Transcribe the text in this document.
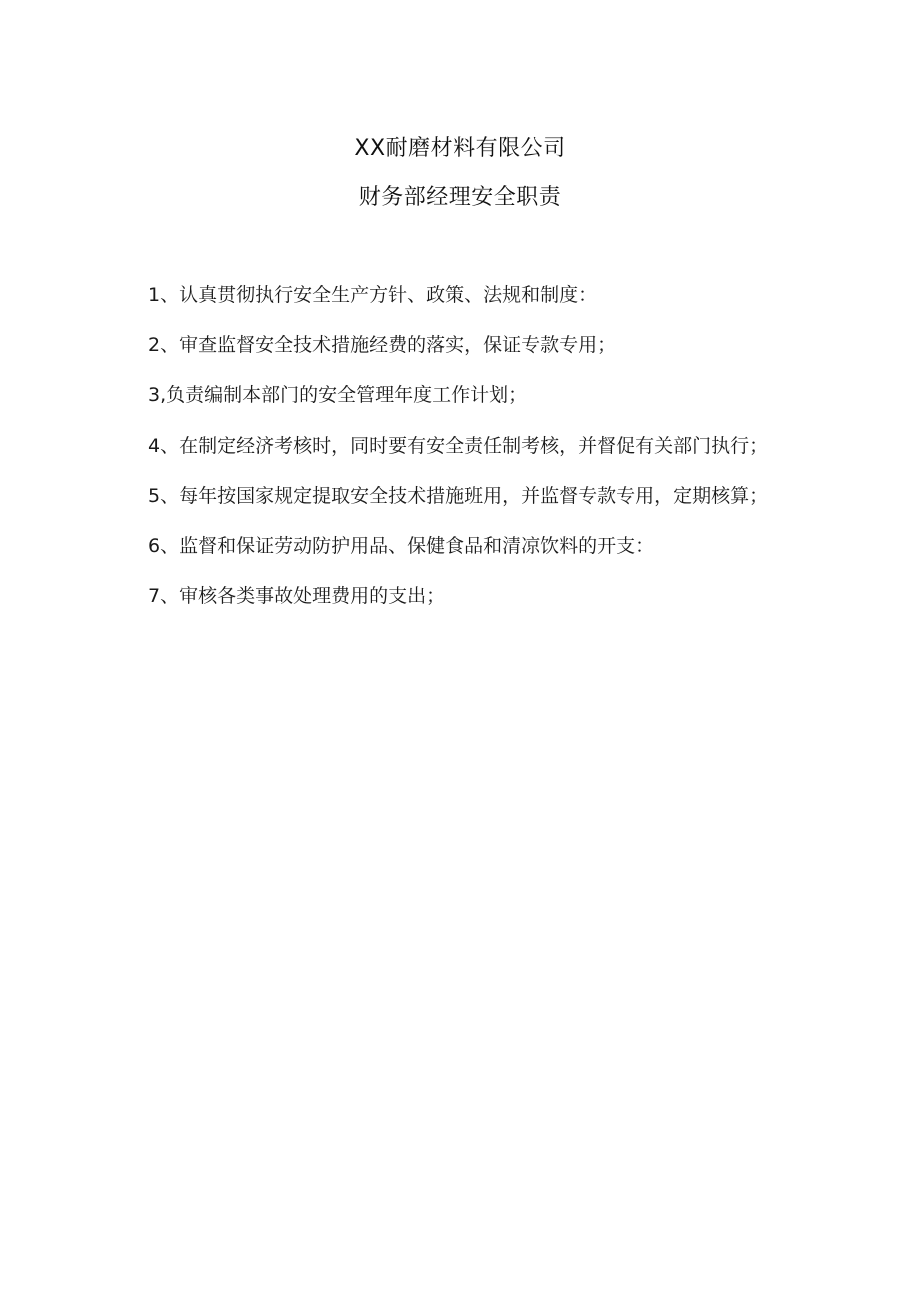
XX耐磨材料有限公司
财务部经理安全职责

1、认真贯彻执行安全生产方针、政策、法规和制度：

2、审查监督安全技术措施经费的落实，保证专款专用；

3,负责编制本部门的安全管理年度工作计划；

4、在制定经济考核时，同时要有安全责任制考核，并督促有关部门执行；

5、每年按国家规定提取安全技术措施班用，并监督专款专用，定期核算；

6、监督和保证劳动防护用品、保健食品和清凉饮料的开支：

7、审核各类事故处理费用的支出；
